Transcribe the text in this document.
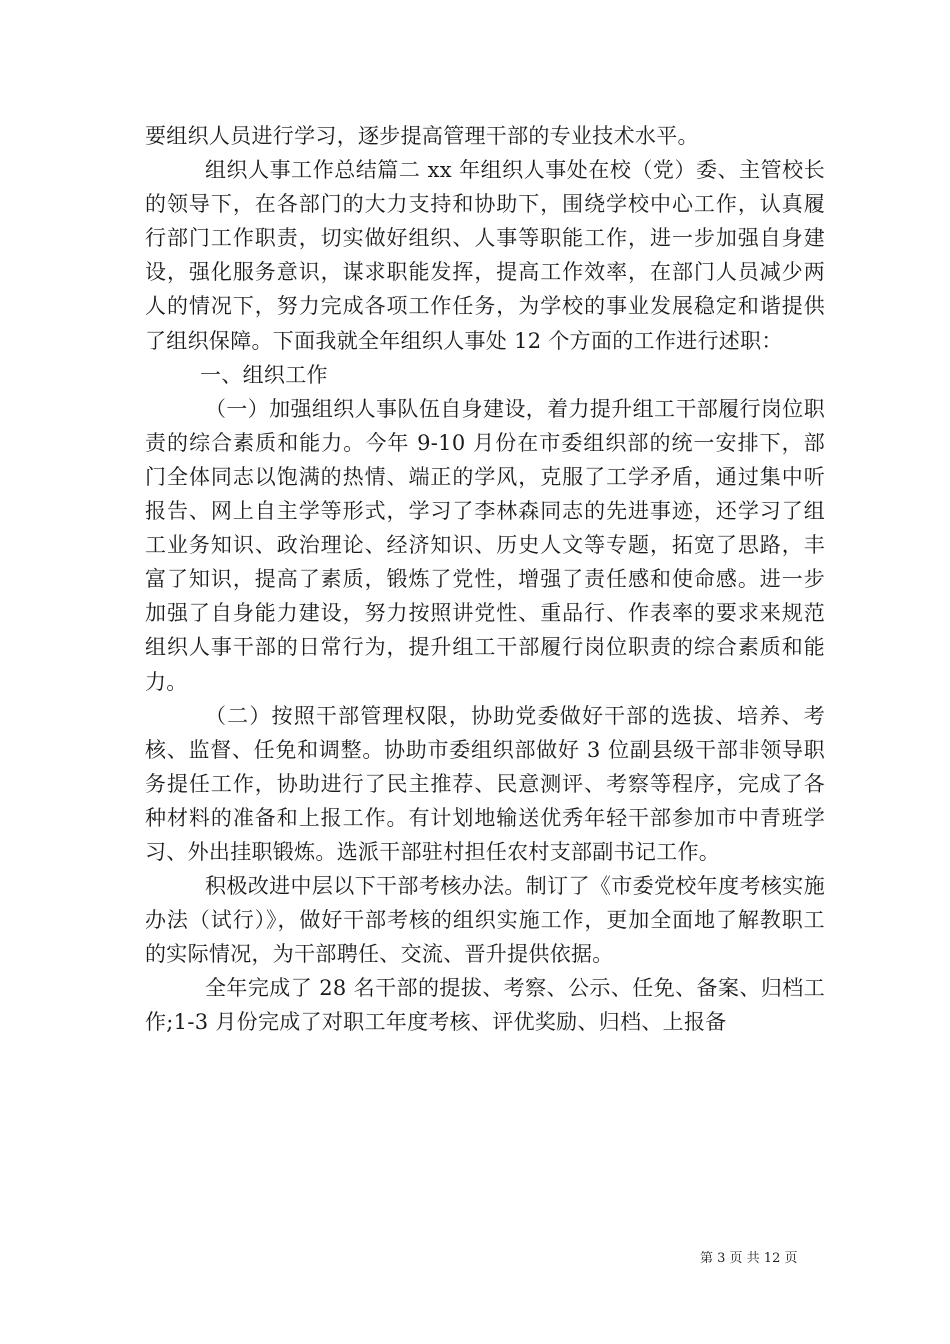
要组织人员进行学习，逐步提高管理干部的专业技术水平。

组织人事工作总结篇二 xx 年组织人事处在校（党）委、主管校长的领导下，在各部门的大力支持和协助下，围绕学校中心工作，认真履行部门工作职责，切实做好组织、人事等职能工作，进一步加强自身建设，强化服务意识，谋求职能发挥，提高工作效率，在部门人员减少两人的情况下，努力完成各项工作任务，为学校的事业发展稳定和谐提供了组织保障。下面我就全年组织人事处 12 个方面的工作进行述职：

一、组织工作

（一）加强组织人事队伍自身建设，着力提升组工干部履行岗位职责的综合素质和能力。今年 9-10 月份在市委组织部的统一安排下，部门全体同志以饱满的热情、端正的学风，克服了工学矛盾，通过集中听报告、网上自主学等形式，学习了李林森同志的先进事迹，还学习了组工业务知识、政治理论、经济知识、历史人文等专题，拓宽了思路，丰富了知识，提高了素质，锻炼了党性，增强了责任感和使命感。进一步加强了自身能力建设，努力按照讲党性、重品行、作表率的要求来规范组织人事干部的日常行为，提升组工干部履行岗位职责的综合素质和能力。

（二）按照干部管理权限，协助党委做好干部的选拔、培养、考核、监督、任免和调整。协助市委组织部做好 3 位副县级干部非领导职务提任工作，协助进行了民主推荐、民意测评、考察等程序，完成了各种材料的准备和上报工作。有计划地输送优秀年轻干部参加市中青班学习、外出挂职锻炼。选派干部驻村担任农村支部副书记工作。

积极改进中层以下干部考核办法。制订了《市委党校年度考核实施办法（试行）》，做好干部考核的组织实施工作，更加全面地了解教职工的实际情况，为干部聘任、交流、晋升提供依据。

全年完成了 28 名干部的提拔、考察、公示、任免、备案、归档工作;1-3 月份完成了对职工年度考核、评优奖励、归档、上报备

第 3 页 共 12 页
